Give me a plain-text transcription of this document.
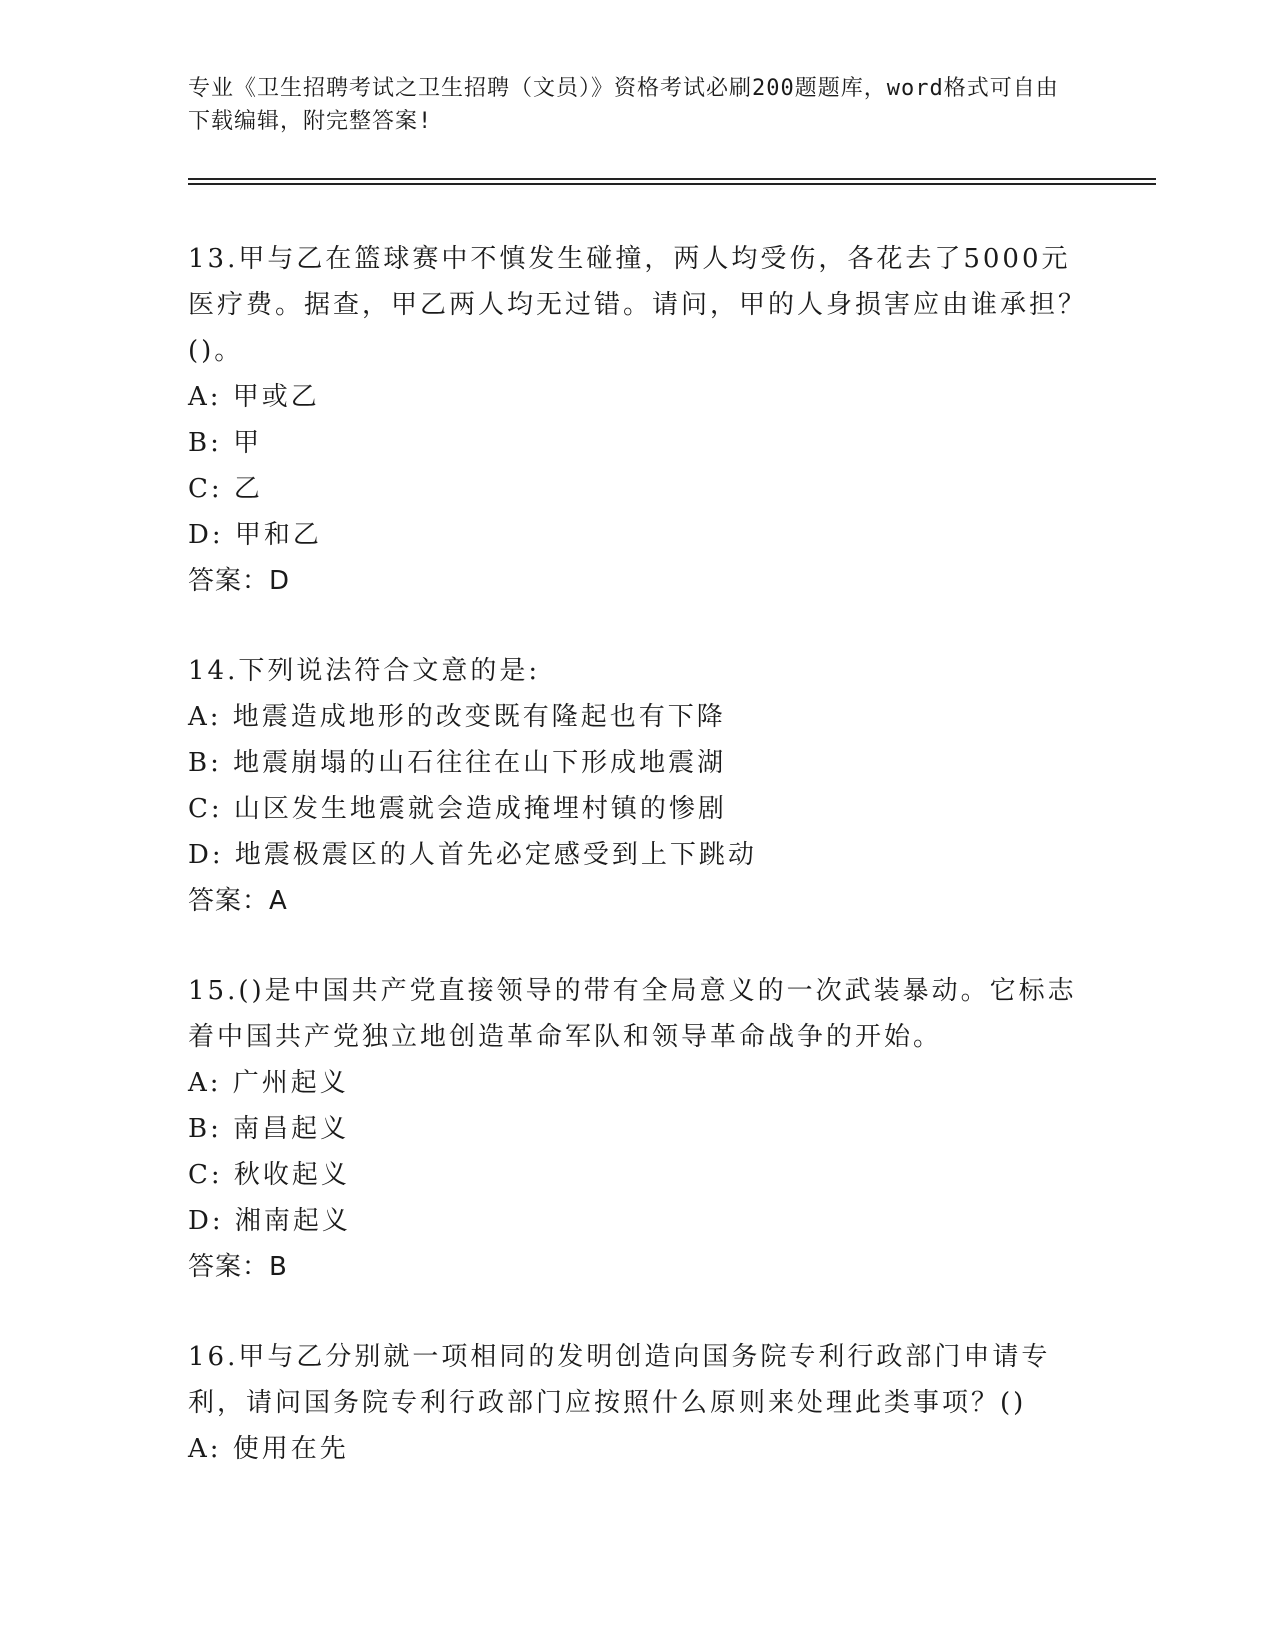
专业《卫生招聘考试之卫生招聘（文员）》资格考试必刷200题题库，word格式可自由下载编辑，附完整答案!
13.甲与乙在篮球赛中不慎发生碰撞，两人均受伤，各花去了5000元医疗费。据查，甲乙两人均无过错。请问，甲的人身损害应由谁承担？()。
A: 甲或乙
B: 甲
C: 乙
D: 甲和乙
答案：D
14.下列说法符合文意的是:
A: 地震造成地形的改变既有隆起也有下降
B: 地震崩塌的山石往往在山下形成地震湖
C: 山区发生地震就会造成掩埋村镇的惨剧
D: 地震极震区的人首先必定感受到上下跳动
答案：A
15.()是中国共产党直接领导的带有全局意义的一次武装暴动。它标志着中国共产党独立地创造革命军队和领导革命战争的开始。
A: 广州起义
B: 南昌起义
C: 秋收起义
D: 湘南起义
答案：B
16.甲与乙分别就一项相同的发明创造向国务院专利行政部门申请专利，请问国务院专利行政部门应按照什么原则来处理此类事项？()
A: 使用在先
